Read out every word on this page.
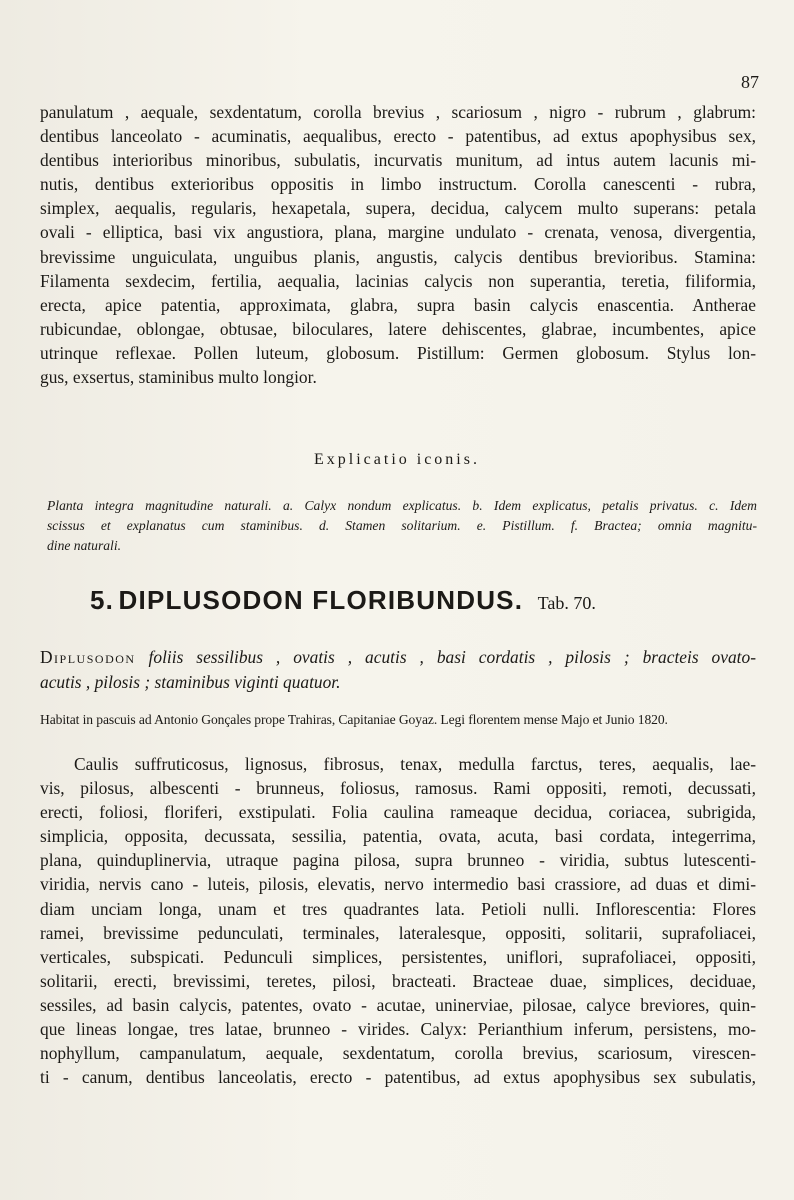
87

panulatum , aequale, sexdentatum, corolla brevius , scariosum , nigro - rubrum , glabrum:
dentibus lanceolato - acuminatis, aequalibus, erecto - patentibus, ad extus apophysibus sex,
dentibus interioribus minoribus, subulatis, incurvatis munitum, ad intus autem lacunis mi-
nutis, dentibus exterioribus oppositis in limbo instructum. Corolla canescenti - rubra,
simplex, aequalis, regularis, hexapetala, supera, decidua, calycem multo superans: petala
ovali - elliptica, basi vix angustiora, plana, margine undulato - crenata, venosa, divergentia,
brevissime unguiculata, unguibus planis, angustis, calycis dentibus brevioribus. Stamina:
Filamenta sexdecim, fertilia, aequalia, lacinias calycis non superantia, teretia, filiformia,
erecta, apice patentia, approximata, glabra, supra basin calycis enascentia. Antherae
rubicundae, oblongae, obtusae, biloculares, latere dehiscentes, glabrae, incumbentes, apice
utrinque reflexae. Pollen luteum, globosum. Pistillum: Germen globosum. Stylus lon-
gus, exsertus, staminibus multo longior.

Explicatio iconis.
Planta integra magnitudine naturali. a. Calyx nondum explicatus. b. Idem explicatus, petalis privatus. c. Idem
scissus et explanatus cum staminibus. d. Stamen solitarium. e. Pistillum. f. Bractea; omnia magnitu-
dine naturali.
5. DIPLUSODON FLORIBUNDUS. Tab. 70.
Diplusodon foliis sessilibus , ovatis , acutis , basi cordatis , pilosis ; bracteis ovato-
acutis , pilosis ; staminibus viginti quatuor.
Habitat in pascuis ad Antonio Gonçales prope Trahiras, Capitaniae Goyaz. Legi florentem mense Majo et Junio 1820.

Caulis suffruticosus, lignosus, fibrosus, tenax, medulla farctus, teres, aequalis, lae-
vis, pilosus, albescenti - brunneus, foliosus, ramosus. Rami oppositi, remoti, decussati,
erecti, foliosi, floriferi, exstipulati. Folia caulina rameaque decidua, coriacea, subrigida,
simplicia, opposita, decussata, sessilia, patentia, ovata, acuta, basi cordata, integerrima,
plana, quinduplinervia, utraque pagina pilosa, supra brunneo - viridia, subtus lutescenti-
viridia, nervis cano - luteis, pilosis, elevatis, nervo intermedio basi crassiore, ad duas et dimi-
diam unciam longa, unam et tres quadrantes lata. Petioli nulli. Inflorescentia: Flores
ramei, brevissime pedunculati, terminales, lateralesque, oppositi, solitarii, suprafoliacei,
verticales, subspicati. Pedunculi simplices, persistentes, uniflori, suprafoliacei, oppositi,
solitarii, erecti, brevissimi, teretes, pilosi, bracteati. Bracteae duae, simplices, deciduae,
sessiles, ad basin calycis, patentes, ovato - acutae, uninerviae, pilosae, calyce breviores, quin-
que lineas longae, tres latae, brunneo - virides. Calyx: Perianthium inferum, persistens, mo-
nophyllum, campanulatum, aequale, sexdentatum, corolla brevius, scariosum, virescen-
ti - canum, dentibus lanceolatis, erecto - patentibus, ad extus apophysibus sex subulatis,
